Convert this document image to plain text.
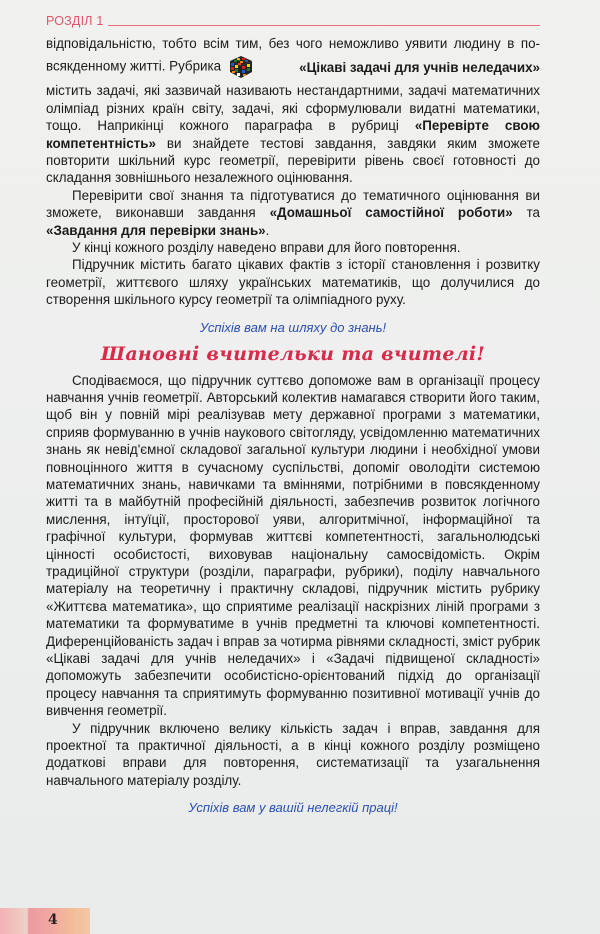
РОЗДІЛ 1

відповідальністю, тобто всім тим, без чого неможливо уявити людину в по-

всякденному житті. Рубрика	«Цікаві задачі для учнів неледачих»

містить задачі, які зазвичай називають нестандартними, задачі математичних олімпіад різних країн світу, задачі, які сформулювали видатні математики, тощо. Наприкінці кожного параграфа в рубриці «Перевірте свою компетентність» ви знайдете тестові завдання, завдяки яким зможете повторити шкільний курс геометрії, перевірити рівень своєї готовності до складання зовнішнього незалежного оцінювання.

Перевірити свої знання та підготуватися до тематичного оцінювання ви зможете, виконавши завдання «Домашньої самостійної роботи» та «Завдання для перевірки знань».

У кінці кожного розділу наведено вправи для його повторення.

Підручник містить багато цікавих фактів з історії становлення і розвитку геометрії, життєвого шляху українських математиків, що долучилися до створення шкільного курсу геометрії та олімпіадного руху.

Успіхів вам на шляху до знань!
Шановні вчительки та вчителі!

Сподіваємося, що підручник суттєво допоможе вам в організації процесу навчання учнів геометрії. Авторський колектив намагався створити його таким, щоб він у повній мірі реалізував мету державної програми з математики, сприяв формуванню в учнів наукового світогляду, усвідомленню математичних знань як невід'ємної складової загальної культури людини і необхідної умови повноцінного життя в сучасному суспільстві, допоміг оволодіти системою математичних знань, навичками та вміннями, потрібними в повсякденному житті та в майбутній професійній діяльності, забезпечив розвиток логічного мислення, інтуїції, просторової уяви, алгоритмічної, інформаційної та графічної культури, формував життєві компетентності, загальнолюдські цінності особистості, виховував національну самосвідомість. Окрім традиційної структури (розділи, параграфи, рубрики), поділу навчального матеріалу на теоретичну і практичну складові, підручник містить рубрику «Життєва математика», що сприятиме реалізації наскрізних ліній програми з математики та формуватиме в учнів предметні та ключові компетентності. Диференційованість задач і вправ за чотирма рівнями складності, зміст рубрик «Цікаві задачі для учнів неледачих» і «Задачі підвищеної складності» допоможуть забезпечити особистісно-орієнтований підхід до організації процесу навчання та сприятимуть формуванню позитивної мотивації учнів до вивчення геометрії.

У підручник включено велику кількість задач і вправ, завдання для проектної та практичної діяльності, а в кінці кожного розділу розміщено додаткові вправи для повторення, систематизації та узагальнення навчального матеріалу розділу.

Успіхів вам у вашій нелегкій праці!
4
